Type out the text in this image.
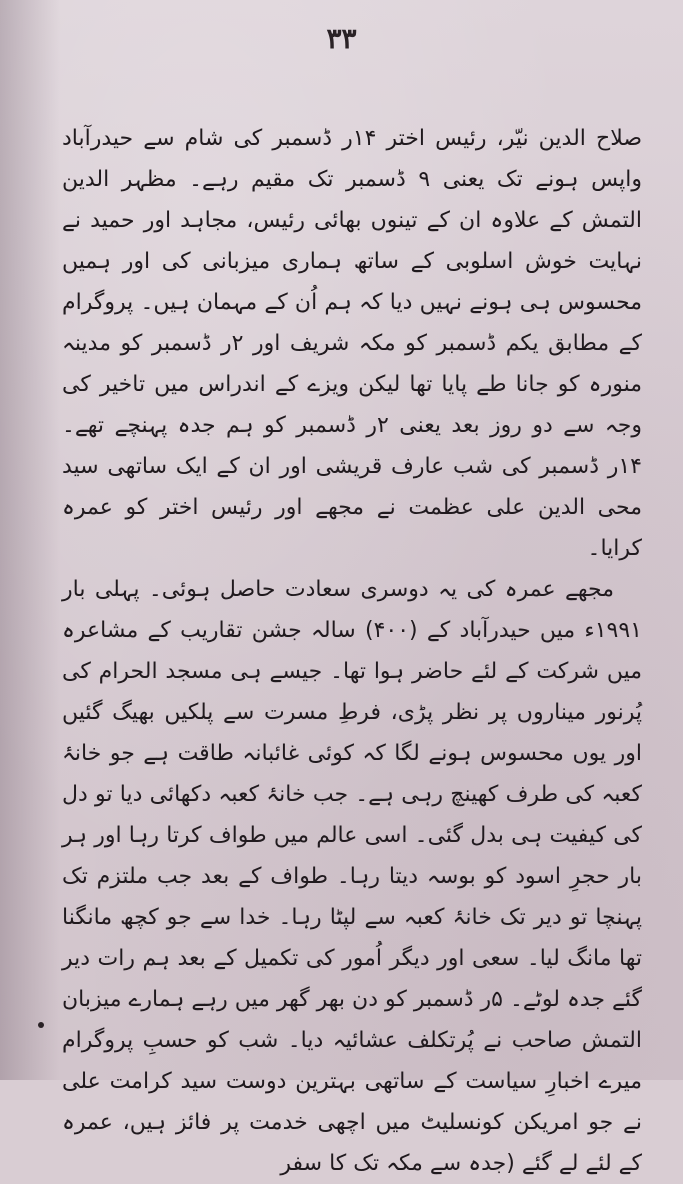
۳۳

صلاح الدین نیّر، رئیس اختر ۱۴ر ڈسمبر کی شام سے حیدرآباد واپس ہونے تک یعنی ۹ ڈسمبر تک مقیم رہے۔ مظہر الدین التمش کے علاوہ ان کے تینوں بھائی رئیس، مجاہد اور حمید نے نہایت خوش اسلوبی کے ساتھ ہماری میزبانی کی اور ہمیں محسوس ہی ہونے نہیں دیا کہ ہم اُن کے مہمان ہیں۔ پروگرام کے مطابق یکم ڈسمبر کو مکہ شریف اور ۲ر ڈسمبر کو مدینہ منورہ کو جانا طے پایا تھا لیکن ویزے کے اندراس میں تاخیر کی وجہ سے دو روز بعد یعنی ۲ر ڈسمبر کو ہم جدہ پہنچے تھے۔ ۱۴ر ڈسمبر کی شب عارف قریشی اور ان کے ایک ساتھی سید محی الدین علی عظمت نے مجھے اور رئیس اختر کو عمرہ کرایا۔

مجھے عمرہ کی یہ دوسری سعادت حاصل ہوئی۔ پہلی بار ۱۹۹۱ء میں حیدرآباد کے (۴۰۰) سالہ جشن تقاریب کے مشاعرہ میں شرکت کے لئے حاضر ہوا تھا۔ جیسے ہی مسجد الحرام کی پُرنور میناروں پر نظر پڑی، فرطِ مسرت سے پلکیں بھیگ گئیں اور یوں محسوس ہونے لگا کہ کوئی غائبانہ طاقت ہے جو خانۂ کعبہ کی طرف کھینچ رہی ہے۔ جب خانۂ کعبہ دکھائی دیا تو دل کی کیفیت ہی بدل گئی۔ اسی عالم میں طواف کرتا رہا اور ہر بار حجرِ اسود کو بوسہ دیتا رہا۔ طواف کے بعد جب ملتزم تک پہنچا تو دیر تک خانۂ کعبہ سے لپٹا رہا۔ خدا سے جو کچھ مانگنا تھا مانگ لیا۔ سعی اور دیگر اُمور کی تکمیل کے بعد ہم رات دیر گئے جدہ لوٹے۔ ۵ر ڈسمبر کو دن بھر گھر میں رہے ہمارے میزبان التمش صاحب نے پُرتکلف عشائیہ دیا۔ شب کو حسبِ پروگرام میرے اخبارِ سیاست کے ساتھی بہترین دوست سید کرامت علی نے جو امریکن کونسلیٹ میں اچھی خدمت پر فائز ہیں، عمرہ کے لئے لے گئے (جدہ سے مکہ تک کا سفر
